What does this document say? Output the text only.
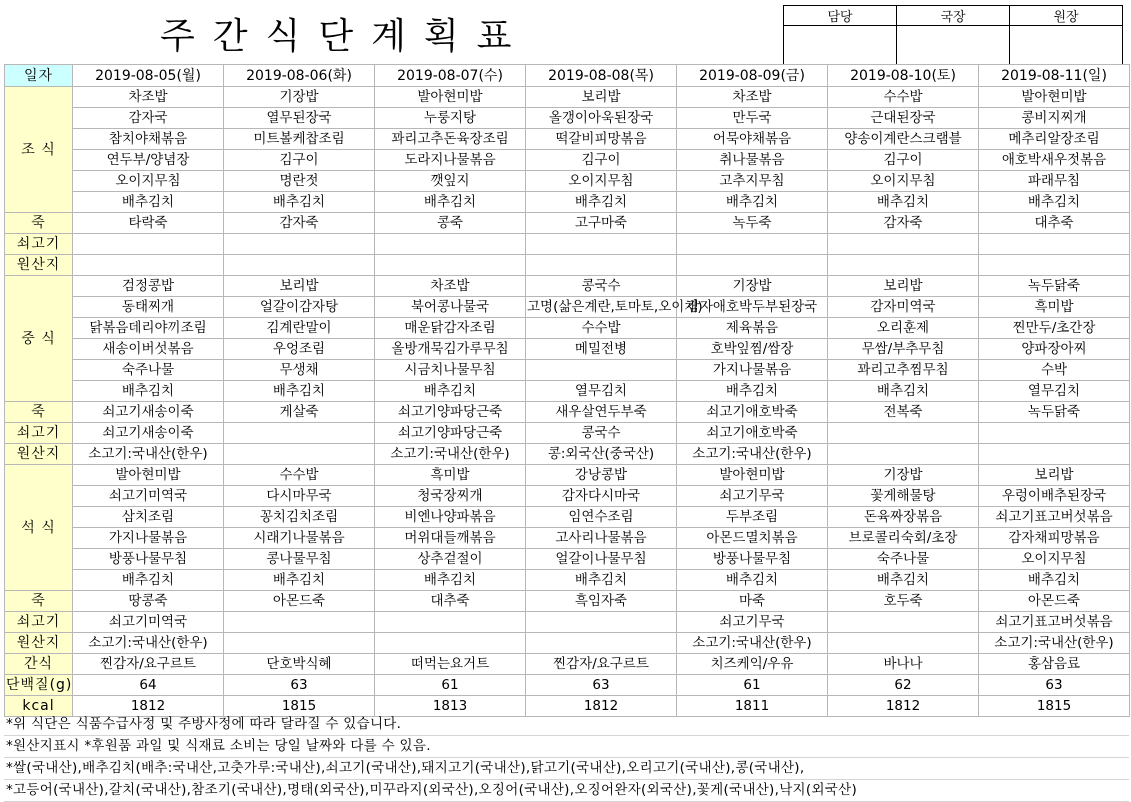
주간식단계획표	담당	국장	원장

일자	2019-08-05(월)	2019-08-06(화)	2019-08-07(수)	2019-08-08(목)	2019-08-09(금)	2019-08-10(토)	2019-08-11(일)
조 식	차조밥	기장밥	발아현미밥	보리밥	차조밥	수수밥	발아현미밥
	감자국	열무된장국	누룽지탕	올갱이아욱된장국	만두국	근대된장국	콩비지찌개
	참치야채볶음	미트볼케찹조림	꽈리고추돈육장조림	떡갈비피망볶음	어묵야채볶음	양송이계란스크램블	메추리알장조림
	연두부/양념장	김구이	도라지나물볶음	김구이	취나물볶음	김구이	애호박새우젓볶음
	오이지무침	명란젓	깻잎지	오이지무침	고추지무침	오이지무침	파래무침
	배추김치	배추김치	배추김치	배추김치	배추김치	배추김치	배추김치
죽	타락죽	감자죽	콩죽	고구마죽	녹두죽	감자죽	대추죽
쇠고기							
원산지							
중 식	검정콩밥	보리밥	차조밥	콩국수	기장밥	보리밥	녹두닭죽
	동태찌개	얼갈이감자탕	북어콩나물국	고명(삶은계란,토마토,오이채)	감자애호박두부된장국	감자미역국	흑미밥
	닭볶음데리야끼조림	김계란말이	매운닭감자조림	수수밥	제육볶음	오리훈제	찐만두/초간장
	새송이버섯볶음	우엉조림	올방개묵김가루무침	메밀전병	호박잎찜/쌈장	무쌈/부추무침	양파장아찌
	숙주나물	무생채	시금치나물무침		가지나물볶음	꽈리고추찜무침	수박
	배추김치	배추김치	배추김치	열무김치	배추김치	배추김치	열무김치
죽	쇠고기새송이죽	게살죽	쇠고기양파당근죽	새우살연두부죽	쇠고기애호박죽	전복죽	녹두닭죽
쇠고기	쇠고기새송이죽		쇠고기양파당근죽	콩국수	쇠고기애호박죽		
원산지	소고기:국내산(한우)		소고기:국내산(한우)	콩:외국산(중국산)	소고기:국내산(한우)		
석 식	발아현미밥	수수밥	흑미밥	강낭콩밥	발아현미밥	기장밥	보리밥
	쇠고기미역국	다시마무국	청국장찌개	감자다시마국	쇠고기무국	꽃게해물탕	우렁이배추된장국
	삼치조림	꽁치김치조림	비엔나양파볶음	임연수조림	두부조림	돈육짜장볶음	쇠고기표고버섯볶음
	가지나물볶음	시래기나물볶음	머위대들깨볶음	고사리나물볶음	아몬드멸치볶음	브로콜리숙회/초장	감자채피망볶음
	방풍나물무침	콩나물무침	상추겉절이	얼갈이나물무침	방풍나물무침	숙주나물	오이지무침
	배추김치	배추김치	배추김치	배추김치	배추김치	배추김치	배추김치
죽	땅콩죽	아몬드죽	대추죽	흑임자죽	마죽	호두죽	아몬드죽
쇠고기	쇠고기미역국				쇠고기무국		쇠고기표고버섯볶음
원산지	소고기:국내산(한우)				소고기:국내산(한우)		소고기:국내산(한우)
간식	찐감자/요구르트	단호박식혜	떠먹는요거트	찐감자/요구르트	치즈케익/우유	바나나	홍삼음료
단백질(g)	64	63	61	63	61	62	63
kcal	1812	1815	1813	1812	1811	1812	1815
*위 식단은 식품수급사정 및 주방사정에 따라 달라질 수 있습니다.
*원산지표시 *후원품 과일 및 식재료 소비는 당일 날짜와 다를 수 있음.
*쌀(국내산),배추김치(배추:국내산,고춧가루:국내산),쇠고기(국내산),돼지고기(국내산),닭고기(국내산),오리고기(국내산),콩(국내산),
*고등어(국내산),갈치(국내산),참조기(국내산),명태(외국산),미꾸라지(외국산),오징어(국내산),오징어완자(외국산),꽃게(국내산),낙지(외국산)
